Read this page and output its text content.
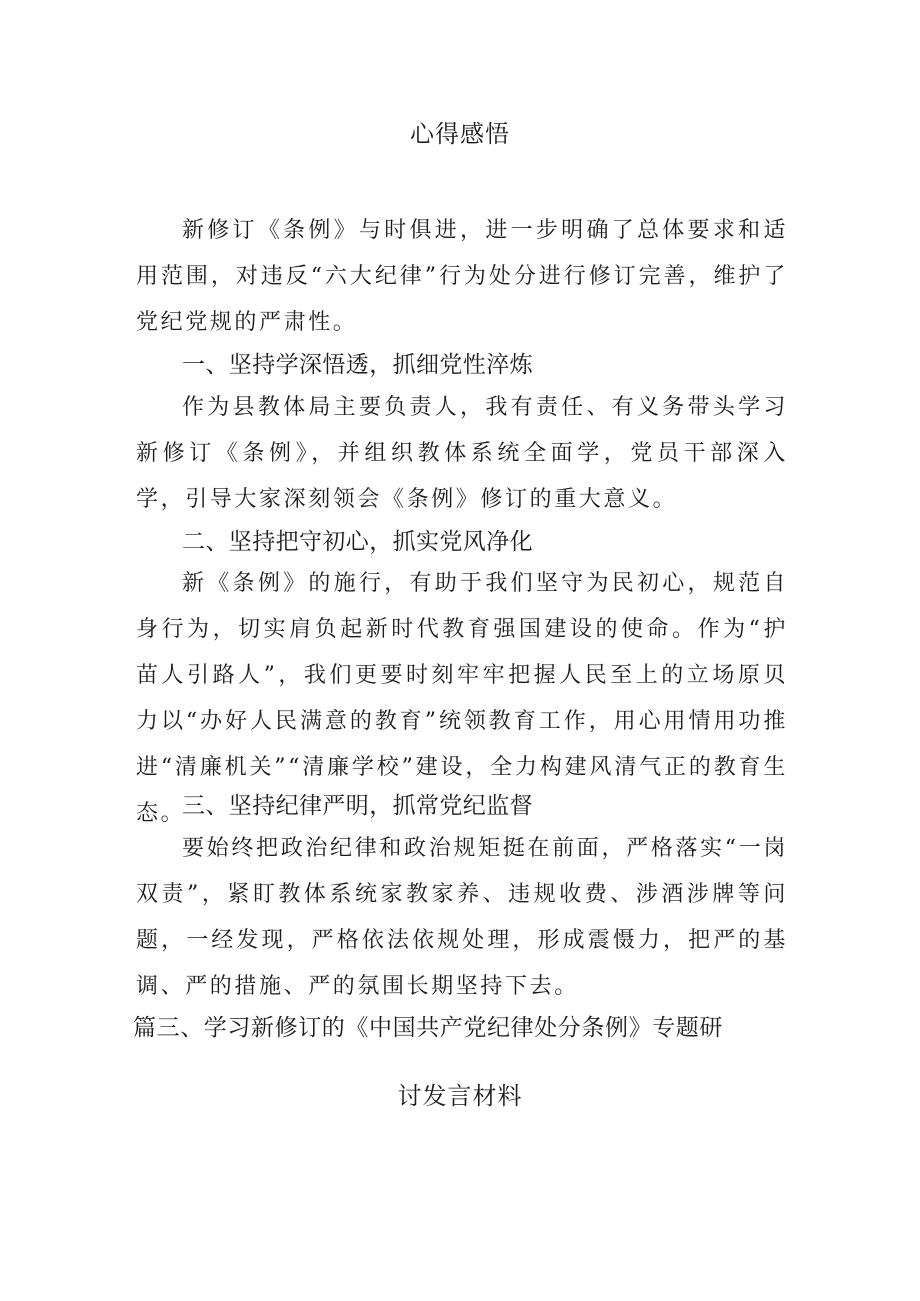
心得感悟
新修订《条例》与时俱进，进一步明确了总体要求和适用范围，对违反“六大纪律”行为处分进行修订完善，维护了党纪党规的严肃性。
一、坚持学深悟透，抓细党性淬炼
作为县教体局主要负责人，我有责任、有义务带头学习新修订《条例》，并组织教体系统全面学，党员干部深入学，引导大家深刻领会《条例》修订的重大意义。
二、坚持把守初心，抓实党风净化
新《条例》的施行，有助于我们坚守为民初心，规范自身行为，切实肩负起新时代教育强国建设的使命。作为“护苗人引路人”，我们更要时刻牢牢把握人民至上的立场原贝力以“办好人民满意的教育”统领教育工作，用心用情用功推进“清廉机关”“清廉学校”建设，全力构建风清气正的教育生态。
三、坚持纪律严明，抓常党纪监督
要始终把政治纪律和政治规矩挺在前面，严格落实“一岗双责”，紧盯教体系统家教家养、违规收费、涉酒涉牌等问题，一经发现，严格依法依规处理，形成震慑力，把严的基调、严的措施、严的氛围长期坚持下去。
篇三、学习新修订的《中国共产党纪律处分条例》专题研
讨发言材料
